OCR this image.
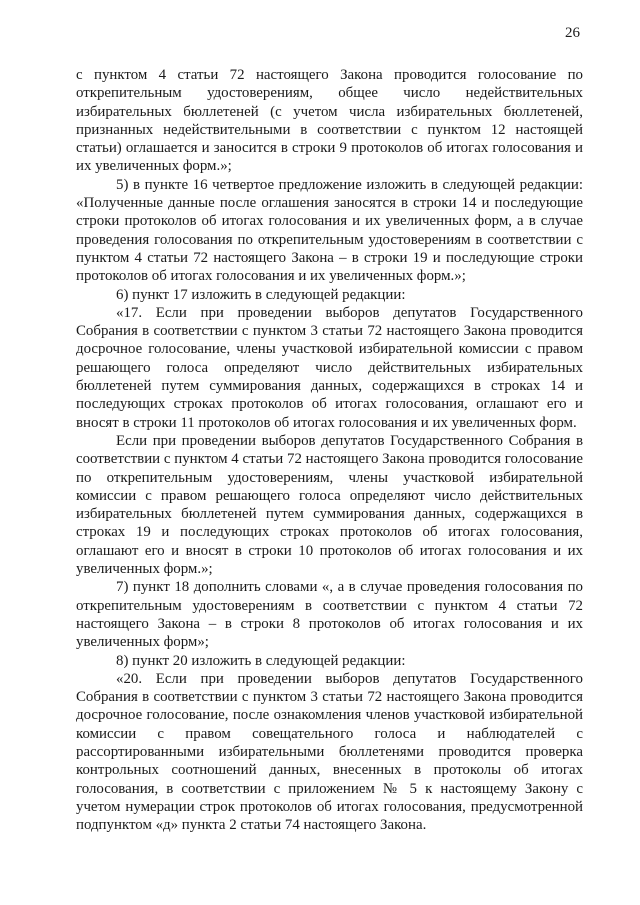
26

с пунктом 4 статьи 72 настоящего Закона проводится голосование по открепительным удостоверениям, общее число недействительных избирательных бюллетеней (с учетом числа избирательных бюллетеней, признанных недействительными в соответствии с пунктом 12 настоящей статьи) оглашается и заносится в строки 9 протоколов об итогах голосования и их увеличенных форм.»;

5) в пункте 16 четвертое предложение изложить в следующей редакции: «Полученные данные после оглашения заносятся в строки 14 и последующие строки протоколов об итогах голосования и их увеличенных форм, а в случае проведения голосования по открепительным удостоверениям в соответствии с пунктом 4 статьи 72 настоящего Закона – в строки 19 и последующие строки протоколов об итогах голосования и их увеличенных форм.»;

6) пункт 17 изложить в следующей редакции:

«17. Если при проведении выборов депутатов Государственного Собрания в соответствии с пунктом 3 статьи 72 настоящего Закона проводится досрочное голосование, члены участковой избирательной комиссии с правом решающего голоса определяют число действительных избирательных бюллетеней путем суммирования данных, содержащихся в строках 14 и последующих строках протоколов об итогах голосования, оглашают его и вносят в строки 11 протоколов об итогах голосования и их увеличенных форм.

Если при проведении выборов депутатов Государственного Собрания в соответствии с пунктом 4 статьи 72 настоящего Закона проводится голосование по открепительным удостоверениям, члены участковой избирательной комиссии с правом решающего голоса определяют число действительных избирательных бюллетеней путем суммирования данных, содержащихся в строках 19 и последующих строках протоколов об итогах голосования, оглашают его и вносят в строки 10 протоколов об итогах голосования и их увеличенных форм.»;

7) пункт 18 дополнить словами «, а в случае проведения голосования по открепительным удостоверениям в соответствии с пунктом 4 статьи 72 настоящего Закона – в строки 8 протоколов об итогах голосования и их увеличенных форм»;

8) пункт 20 изложить в следующей редакции:

«20. Если при проведении выборов депутатов Государственного Собрания в соответствии с пунктом 3 статьи 72 настоящего Закона проводится досрочное голосование, после ознакомления членов участковой избирательной комиссии с правом совещательного голоса и наблюдателей с рассортированными избирательными бюллетенями проводится проверка контрольных соотношений данных, внесенных в протоколы об итогах голосования, в соответствии с приложением № 5 к настоящему Закону с учетом нумерации строк протоколов об итогах голосования, предусмотренной подпунктом «д» пункта 2 статьи 74 настоящего Закона.
